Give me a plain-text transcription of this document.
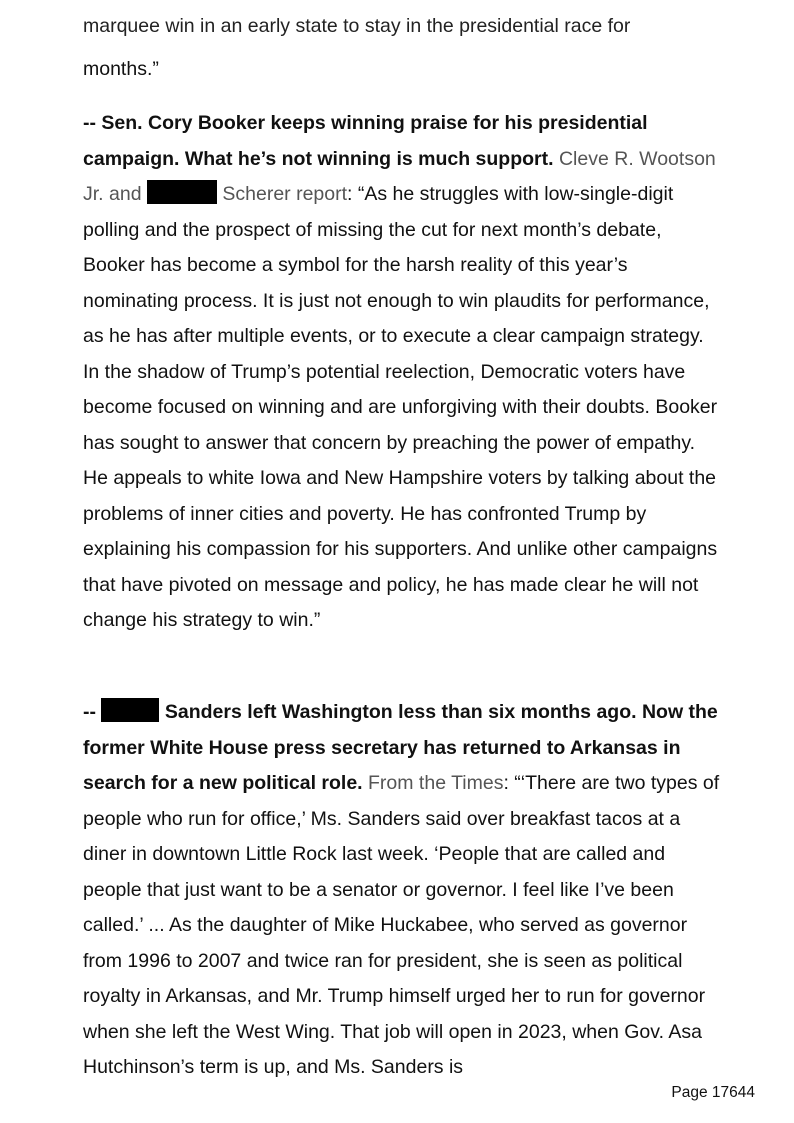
marquee win in an early state to stay in the presidential race for

months.”

-- Sen. Cory Booker keeps winning praise for his presidential campaign. What he’s not winning is much support. Cleve R. Wootson Jr. and	Scherer report: “As he struggles with low-single-digit polling and the prospect of missing the cut for next month’s debate, Booker has become a symbol for the harsh reality of this year’s nominating process. It is just not enough to win plaudits for performance, as he has after multiple events, or to execute a clear campaign strategy. In the shadow of Trump’s potential reelection, Democratic voters have become focused on winning and are unforgiving with their doubts. Booker has sought to answer that concern by preaching the power of empathy. He appeals to white Iowa and New Hampshire voters by talking about the problems of inner cities and poverty. He has confronted Trump by explaining his compassion for his supporters. And unlike other campaigns that have pivoted on message and policy, he has made clear he will not change his strategy to win.”

--	Sanders left Washington less than six months ago. Now the former White House press secretary has returned to Arkansas in search for a new political role. From the Times: “‘There are two types of people who run for office,’ Ms. Sanders said over breakfast tacos at a diner in downtown Little Rock last week. ‘People that are called and people that just want to be a senator or governor. I feel like I’ve been called.’ ... As the daughter of Mike Huckabee, who served as governor from 1996 to 2007 and twice ran for president, she is seen as political royalty in Arkansas, and Mr. Trump himself urged her to run for governor when she left the West Wing. That job will open in 2023, when Gov. Asa Hutchinson’s term is up, and Ms. Sanders is

Page 17644
